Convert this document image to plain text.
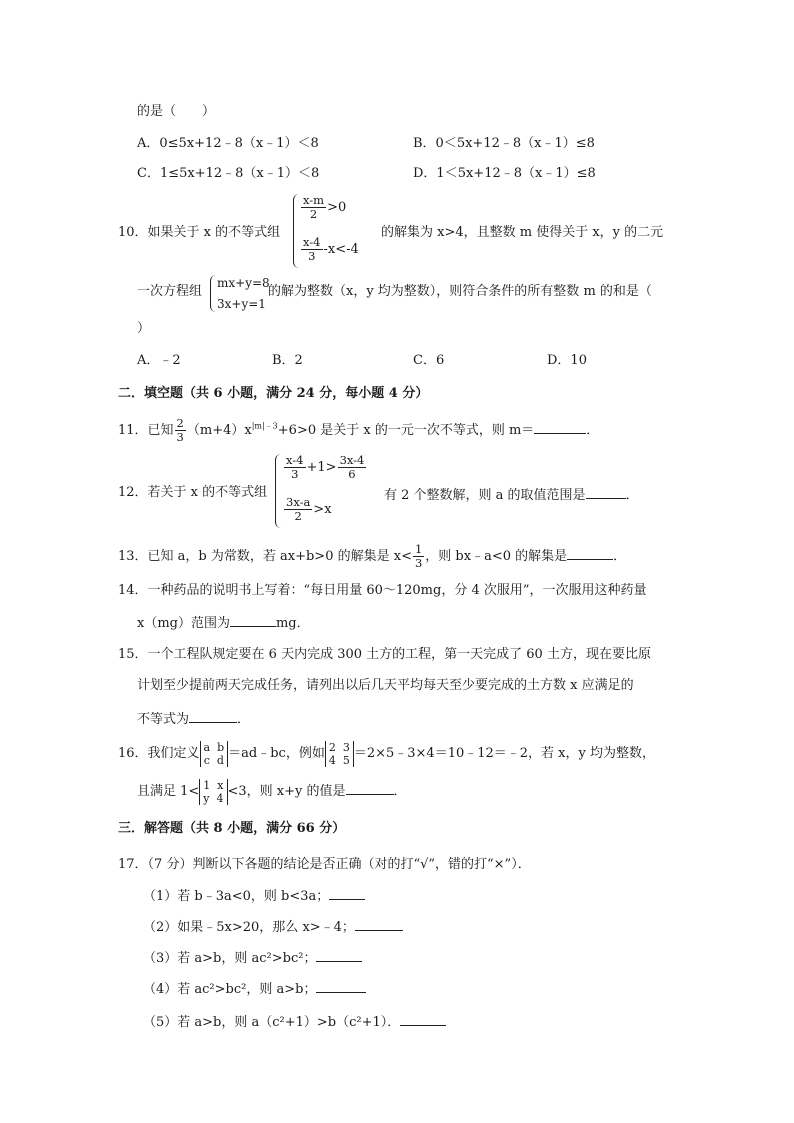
的是（　　）
A．0≤5x+12﹣8（x﹣1）＜8	B．0＜5x+12﹣8（x﹣1）≤8
C．1≤5x+12﹣8（x﹣1）＜8	D．1＜5x+12﹣8（x﹣1）≤8
10．如果关于 x 的不等式组
$\frac{x-m}{2} >0$
$\frac{x-4}{3} -x<-4$
的解集为 x>4，且整数 m 使得关于 x，y 的二元
一次方程组
mx+y=8
3x+y=1
的解为整数（x，y 均为整数），则符合条件的所有整数 m 的和是（
）
A．﹣2	B．2	C．6	D．10
二．填空题（共 6 小题，满分 24 分，每小题 4 分）
11．已知 $\frac{2}{3} (m+4)x^{|m|﹣3}+6>0$ 是关于 x 的一元一次不等式，则 m＝	．
12．若关于 x 的不等式组
$\frac{x-4}{3} +1> \frac{3x-4}{6}$
$\frac{3x-a}{2} >x$
有 2 个整数解，则 a 的取值范围是	．
13．已知 a，b 为常数，若 ax+b>0 的解集是 $x< \frac{1}{3}$ ，则 bx﹣a<0 的解集是	．
14．一种药品的说明书上写着：“每日用量 60～120mg，分 4 次服用”，一次服用这种药量
x（mg）范围为	mg．
15．一个工程队规定要在 6 天内完成 300 土方的工程，第一天完成了 60 土方，现在要比原
计划至少提前两天完成任务，请列出以后几天平均每天至少要完成的土方数 x 应满足的
不等式为	．
16．我们定义 a  b
c  d ＝ad﹣bc，例如 2  3
4  5 ＝2×5﹣3×4＝10﹣12＝﹣2，若 x，y 均为整数，
且满足 1< 1  x
y  4 <3，则 x+y 的值是	．
三．解答题（共 8 小题，满分 66 分）
17．（7 分）判断以下各题的结论是否正确（对的打“√”，错的打“×”）．
（1）若 b﹣3a<0，则 b<3a；
（2）如果﹣5x>20，那么 x>﹣4；
（3）若 a>b，则 ac²>bc²；
（4）若 ac²>bc²，则 a>b；
（5）若 a>b，则 a（c²+1）>b（c²+1）．
